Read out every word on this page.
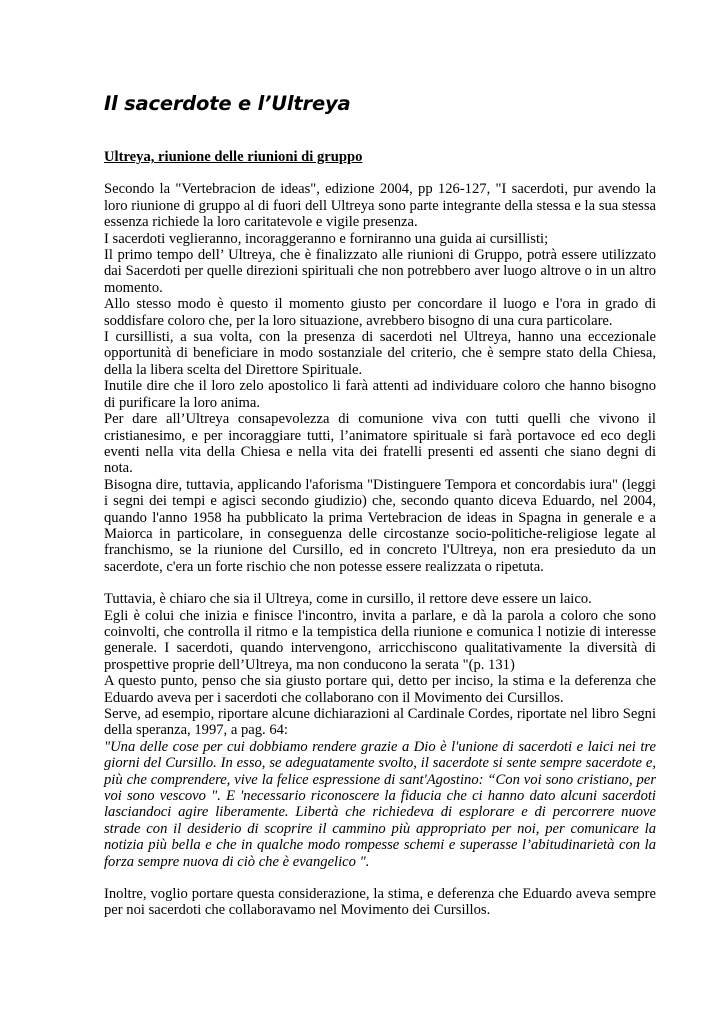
Il sacerdote e l’Ultreya
Ultreya, riunione delle riunioni di gruppo

Secondo la "Vertebracion de ideas", edizione 2004, pp 126-127, "I sacerdoti, pur avendo la loro riunione di gruppo al di fuori dell Ultreya sono parte integrante della stessa e la sua stessa essenza richiede la loro caritatevole e vigile presenza.

I sacerdoti veglieranno, incoraggeranno e forniranno una guida ai cursillisti;

Il primo tempo dell’ Ultreya, che è finalizzato alle riunioni di Gruppo, potrà essere utilizzato dai Sacerdoti per quelle direzioni spirituali che non potrebbero aver luogo altrove o in un altro momento.

Allo stesso modo è questo il momento giusto per concordare il luogo e l'ora in grado di soddisfare coloro che, per la loro situazione, avrebbero bisogno di una cura particolare.

I cursillisti, a sua volta, con la presenza di sacerdoti nel Ultreya, hanno una eccezionale opportunità di beneficiare in modo sostanziale del criterio, che è sempre stato della Chiesa, della la libera scelta del Direttore Spirituale.

Inutile dire che il loro zelo apostolico li farà attenti ad individuare coloro che hanno bisogno di purificare la loro anima.

Per dare all’Ultreya consapevolezza di comunione viva con tutti quelli che vivono il cristianesimo, e per incoraggiare tutti, l’animatore spirituale si farà portavoce ed eco degli eventi nella vita della Chiesa e nella vita dei fratelli presenti ed assenti che siano degni di nota.

Bisogna dire, tuttavia, applicando l'aforisma "Distinguere Tempora et concordabis iura" (leggi i segni dei tempi e agisci secondo giudizio) che, secondo quanto diceva Eduardo, nel 2004, quando l'anno 1958 ha pubblicato la prima Vertebracion de ideas in Spagna in generale e a Maiorca in particolare, in conseguenza delle circostanze socio-politiche-religiose legate al franchismo, se la riunione del Cursillo, ed in concreto l'Ultreya, non era presieduto da un sacerdote, c'era un forte rischio che non potesse essere realizzata o ripetuta.

Tuttavia, è chiaro che sia il Ultreya, come in cursillo, il rettore deve essere un laico.

Egli è colui che inizia e finisce l'incontro, invita a parlare, e dà la parola a coloro che sono coinvolti, che controlla il ritmo e la tempistica della riunione e comunica l notizie di interesse generale. I sacerdoti, quando intervengono, arricchiscono qualitativamente la diversità di prospettive proprie dell’Ultreya, ma non conducono la serata "(p. 131)

A questo punto, penso che sia giusto portare qui, detto per inciso, la stima e la deferenza che Eduardo aveva per i sacerdoti che collaborano con il Movimento dei Cursillos.

Serve, ad esempio, riportare alcune dichiarazioni al Cardinale Cordes, riportate nel libro Segni della speranza, 1997, a pag. 64:

"Una delle cose per cui dobbiamo rendere grazie a Dio è l'unione di sacerdoti e laici nei tre giorni del Cursillo. In esso, se adeguatamente svolto, il sacerdote si sente sempre sacerdote e, più che comprendere, vive la felice espressione di sant'Agostino: “Con voi sono cristiano, per voi sono vescovo ". E 'necessario riconoscere la fiducia che ci hanno dato alcuni sacerdoti lasciandoci agire liberamente. Libertà che richiedeva di esplorare e di percorrere nuove strade con il desiderio di scoprire il cammino più appropriato per noi, per comunicare la notizia più bella e che in qualche modo rompesse schemi e superasse l’abitudinarietà con la forza sempre nuova di ciò che è evangelico ".

Inoltre, voglio portare questa considerazione, la stima, e deferenza che Eduardo aveva sempre per noi sacerdoti che collaboravamo nel Movimento dei Cursillos.
